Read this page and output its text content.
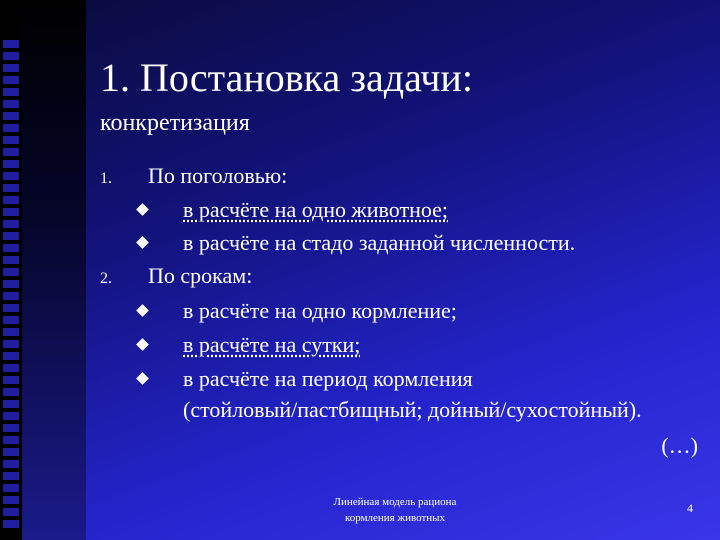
1. Постановка задачи:
конкретизация
1. По поголовью:
в расчёте на одно животное;
в расчёте на стадо заданной численности.
2. По срокам:
в расчёте на одно кормление;
в расчёте на сутки;
в расчёте на период кормления
(стойловый/пастбищный; дойный/сухостойный).
(…)
Линейная модель рациона
кормления животных
4
